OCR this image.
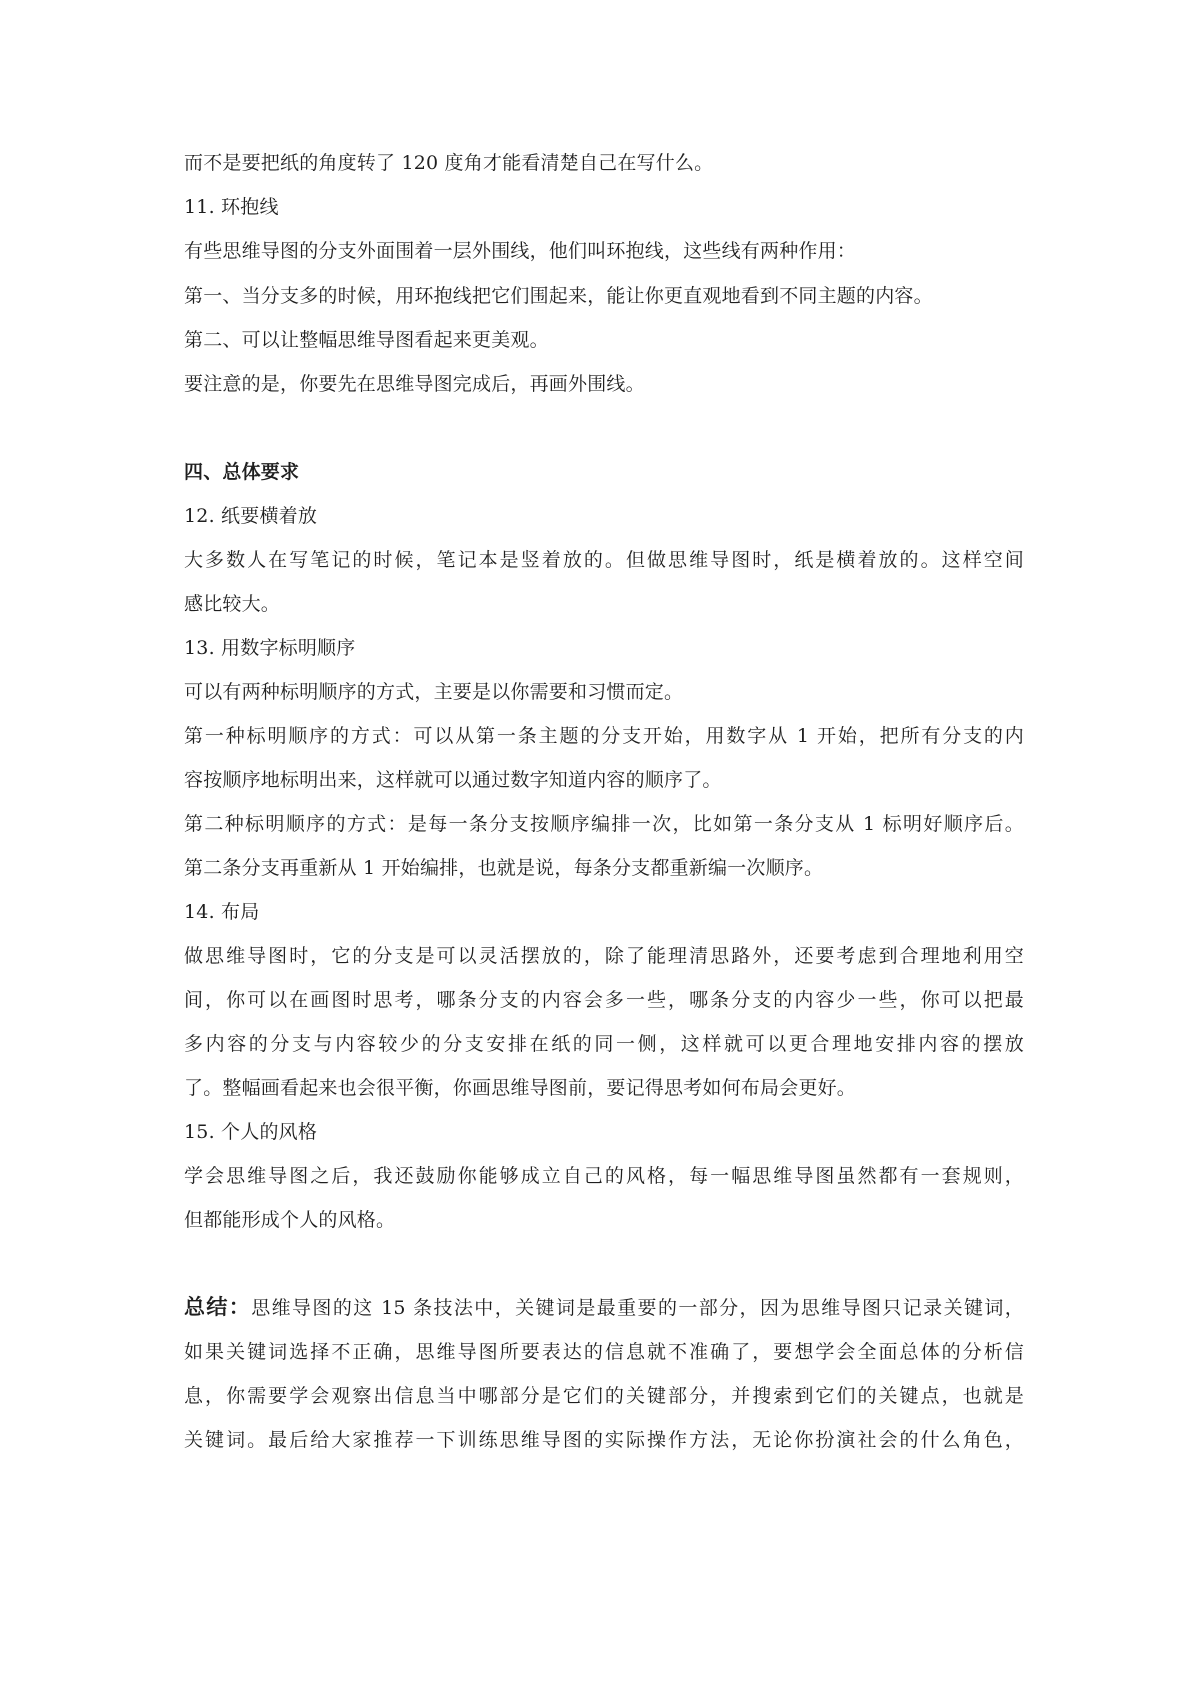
而不是要把纸的角度转了 120 度角才能看清楚自己在写什么。
11. 环抱线
有些思维导图的分支外面围着一层外围线，他们叫环抱线，这些线有两种作用：
第一、当分支多的时候，用环抱线把它们围起来，能让你更直观地看到不同主题的内容。
第二、可以让整幅思维导图看起来更美观。
要注意的是，你要先在思维导图完成后，再画外围线。
四、总体要求
12. 纸要横着放
大多数人在写笔记的时候，笔记本是竖着放的。但做思维导图时，纸是横着放的。这样空间
感比较大。
13. 用数字标明顺序
可以有两种标明顺序的方式，主要是以你需要和习惯而定。
第一种标明顺序的方式：可以从第一条主题的分支开始，用数字从 1 开始，把所有分支的内
容按顺序地标明出来，这样就可以通过数字知道内容的顺序了。
第二种标明顺序的方式：是每一条分支按顺序编排一次，比如第一条分支从 1 标明好顺序后。
第二条分支再重新从 1 开始编排，也就是说，每条分支都重新编一次顺序。
14. 布局
做思维导图时，它的分支是可以灵活摆放的，除了能理清思路外，还要考虑到合理地利用空
间，你可以在画图时思考，哪条分支的内容会多一些，哪条分支的内容少一些，你可以把最
多内容的分支与内容较少的分支安排在纸的同一侧，这样就可以更合理地安排内容的摆放
了。整幅画看起来也会很平衡，你画思维导图前，要记得思考如何布局会更好。
15. 个人的风格
学会思维导图之后，我还鼓励你能够成立自己的风格，每一幅思维导图虽然都有一套规则，
但都能形成个人的风格。
总结：思维导图的这 15 条技法中，关键词是最重要的一部分，因为思维导图只记录关键词，
如果关键词选择不正确，思维导图所要表达的信息就不准确了，要想学会全面总体的分析信
息，你需要学会观察出信息当中哪部分是它们的关键部分，并搜索到它们的关键点，也就是
关键词。最后给大家推荐一下训练思维导图的实际操作方法，无论你扮演社会的什么角色，
